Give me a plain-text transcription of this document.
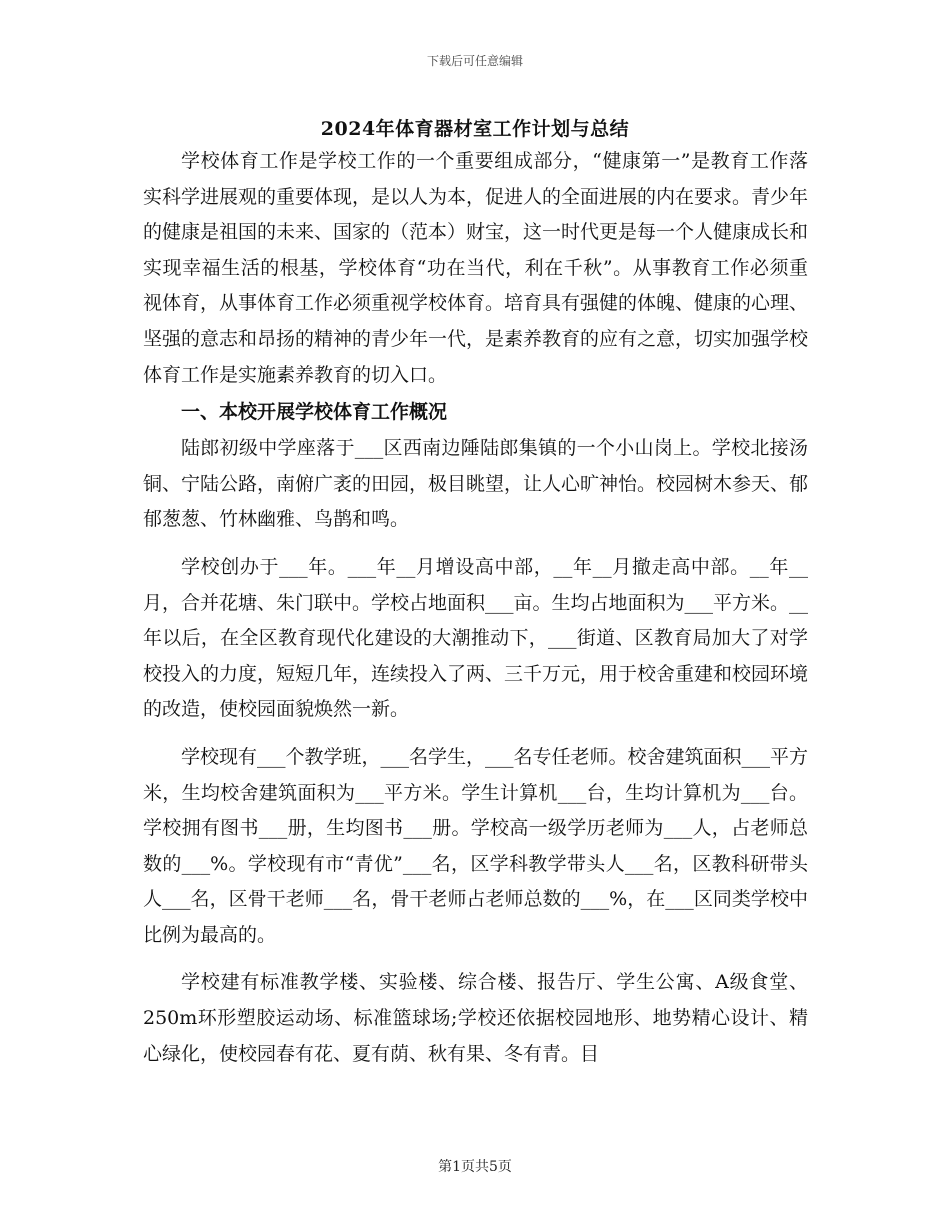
下载后可任意编辑
2024年体育器材室工作计划与总结

学校体育工作是学校工作的一个重要组成部分，“健康第一”是教育工作落实科学进展观的重要体现，是以人为本，促进人的全面进展的内在要求。青少年的健康是祖国的未来、国家的（范本）财宝，这一时代更是每一个人健康成长和实现幸福生活的根基，学校体育“功在当代，利在千秋”。从事教育工作必须重视体育，从事体育工作必须重视学校体育。培育具有强健的体魄、健康的心理、坚强的意志和昂扬的精神的青少年一代，是素养教育的应有之意，切实加强学校体育工作是实施素养教育的切入口。

一、本校开展学校体育工作概况

陆郎初级中学座落于___区西南边陲陆郎集镇的一个小山岗上。学校北接汤铜、宁陆公路，南俯广袤的田园，极目眺望，让人心旷神怡。校园树木参天、郁郁葱葱、竹林幽雅、鸟鹊和鸣。

学校创办于___年。___年__月增设高中部，__年__月撤走高中部。__年__月，合并花塘、朱门联中。学校占地面积___亩。生均占地面积为___平方米。__年以后，在全区教育现代化建设的大潮推动下，___街道、区教育局加大了对学校投入的力度，短短几年，连续投入了两、三千万元，用于校舍重建和校园环境的改造，使校园面貌焕然一新。

学校现有___个教学班，___名学生，___名专任老师。校舍建筑面积___平方米，生均校舍建筑面积为___平方米。学生计算机___台，生均计算机为___台。学校拥有图书___册，生均图书___册。学校高一级学历老师为___人，占老师总数的___%。学校现有市“青优”___名，区学科教学带头人___名，区教科研带头人___名，区骨干老师___名，骨干老师占老师总数的___%，在___区同类学校中比例为最高的。

学校建有标准教学楼、实验楼、综合楼、报告厅、学生公寓、A级食堂、250m环形塑胶运动场、标准篮球场;学校还依据校园地形、地势精心设计、精心绿化，使校园春有花、夏有荫、秋有果、冬有青。目

第1页共5页
